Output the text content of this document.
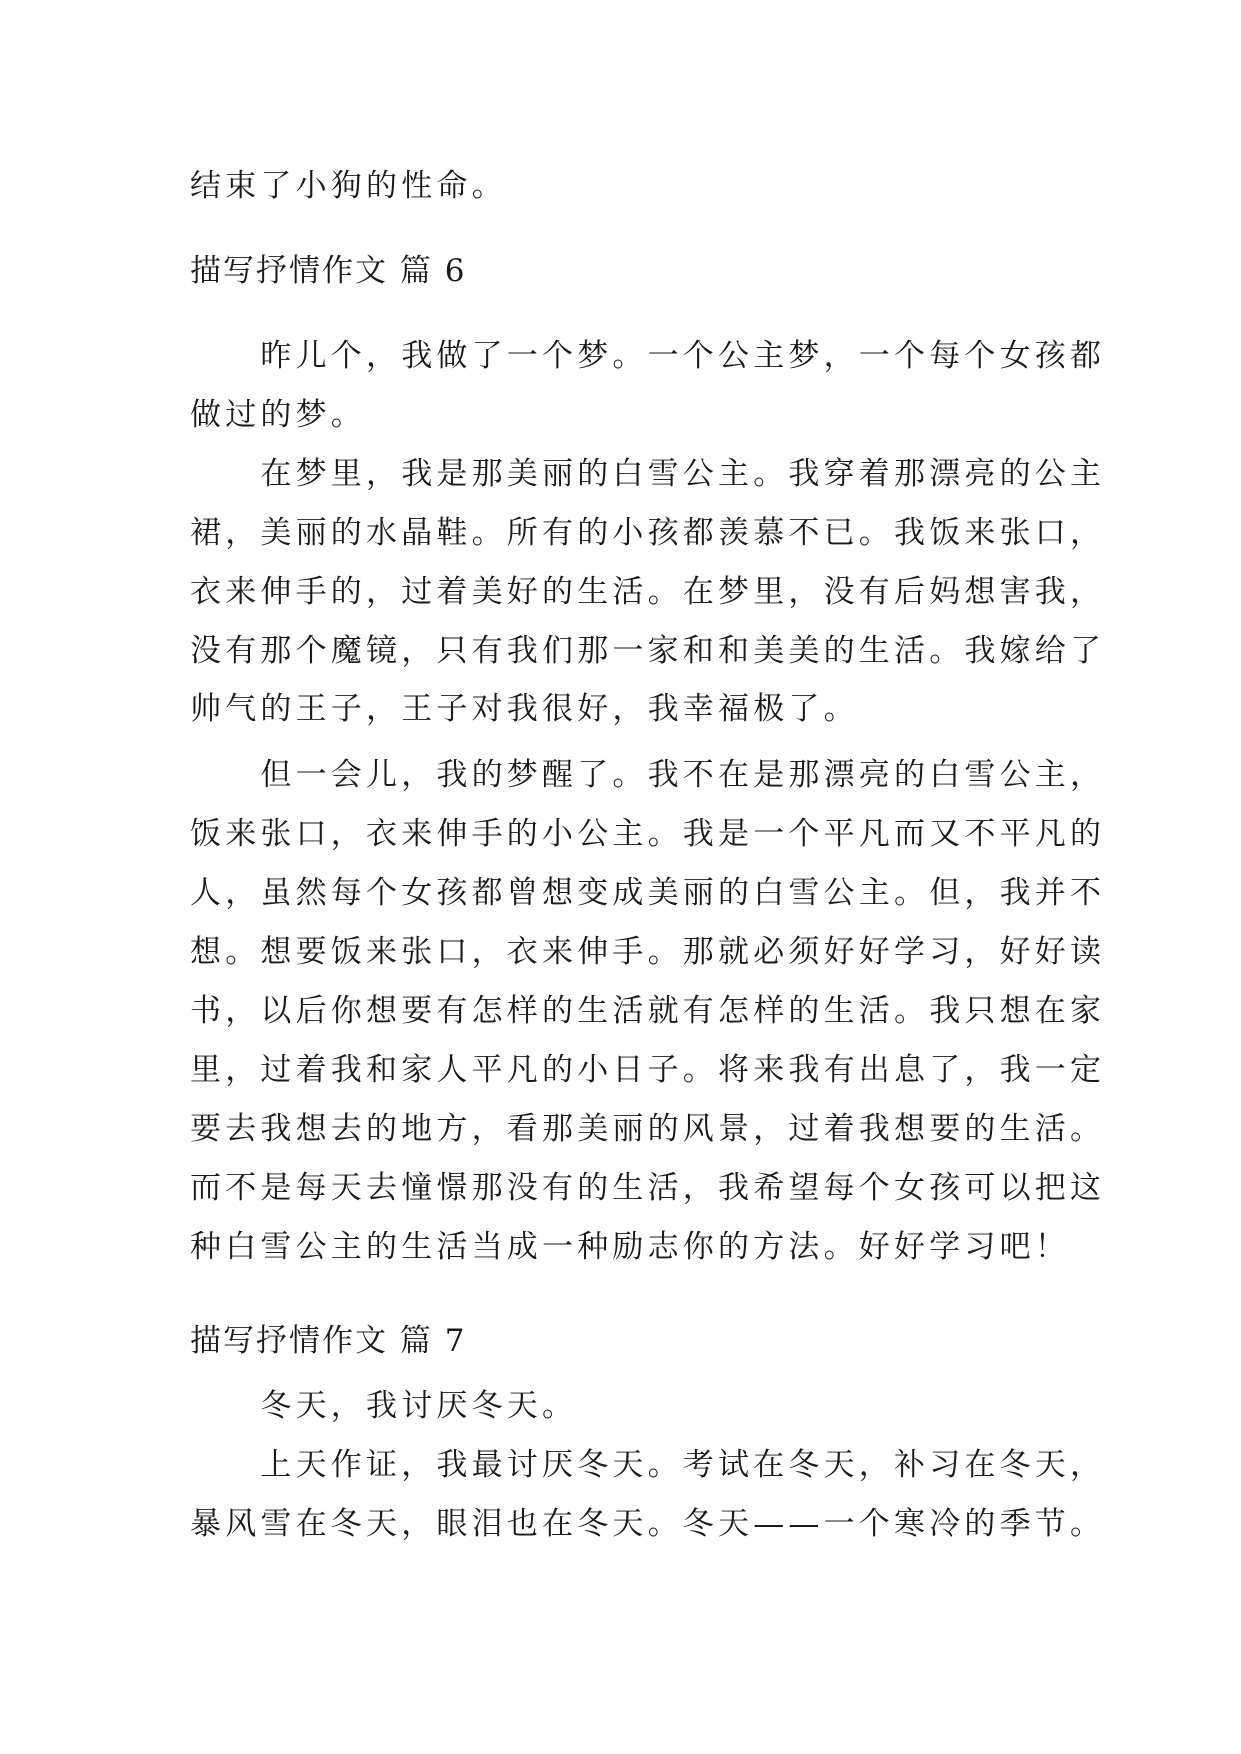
结束了小狗的性命。

描写抒情作文 篇 6

　　昨儿个，我做了一个梦。一个公主梦，一个每个女孩都

做过的梦。

　　在梦里，我是那美丽的白雪公主。我穿着那漂亮的公主

裙，美丽的水晶鞋。所有的小孩都羡慕不已。我饭来张口，

衣来伸手的，过着美好的生活。在梦里，没有后妈想害我，

没有那个魔镜，只有我们那一家和和美美的生活。我嫁给了

帅气的王子，王子对我很好，我幸福极了。

　　但一会儿，我的梦醒了。我不在是那漂亮的白雪公主，

饭来张口，衣来伸手的小公主。我是一个平凡而又不平凡的

人，虽然每个女孩都曾想变成美丽的白雪公主。但，我并不

想。想要饭来张口，衣来伸手。那就必须好好学习，好好读

书，以后你想要有怎样的生活就有怎样的生活。我只想在家

里，过着我和家人平凡的小日子。将来我有出息了，我一定

要去我想去的地方，看那美丽的风景，过着我想要的生活。

而不是每天去憧憬那没有的生活，我希望每个女孩可以把这

种白雪公主的生活当成一种励志你的方法。好好学习吧！

描写抒情作文 篇 7

　　冬天，我讨厌冬天。

　　上天作证，我最讨厌冬天。考试在冬天，补习在冬天，

暴风雪在冬天，眼泪也在冬天。冬天——一个寒冷的季节。
